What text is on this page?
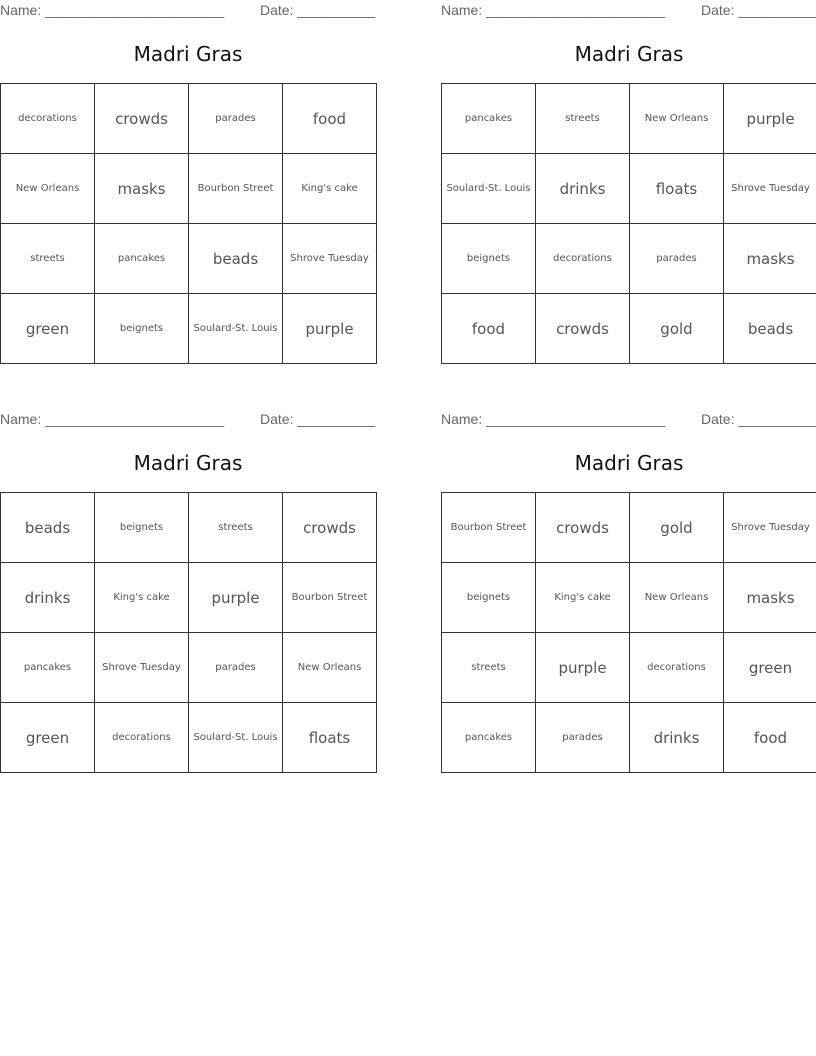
Name: _______________________	Date: __________
Madri Gras
decorations	crowds	parades	food
New Orleans	masks	Bourbon Street	King's cake
streets	pancakes	beads	Shrove Tuesday
green	beignets	Soulard-St. Louis	purple
Name: _______________________	Date: __________
Madri Gras
pancakes	streets	New Orleans	purple
Soulard-St. Louis	drinks	floats	Shrove Tuesday
beignets	decorations	parades	masks
food	crowds	gold	beads
Name: _______________________	Date: __________
Madri Gras
beads	beignets	streets	crowds
drinks	King's cake	purple	Bourbon Street
pancakes	Shrove Tuesday	parades	New Orleans
green	decorations	Soulard-St. Louis	floats
Name: _______________________	Date: __________
Madri Gras
Bourbon Street	crowds	gold	Shrove Tuesday
beignets	King's cake	New Orleans	masks
streets	purple	decorations	green
pancakes	parades	drinks	food
